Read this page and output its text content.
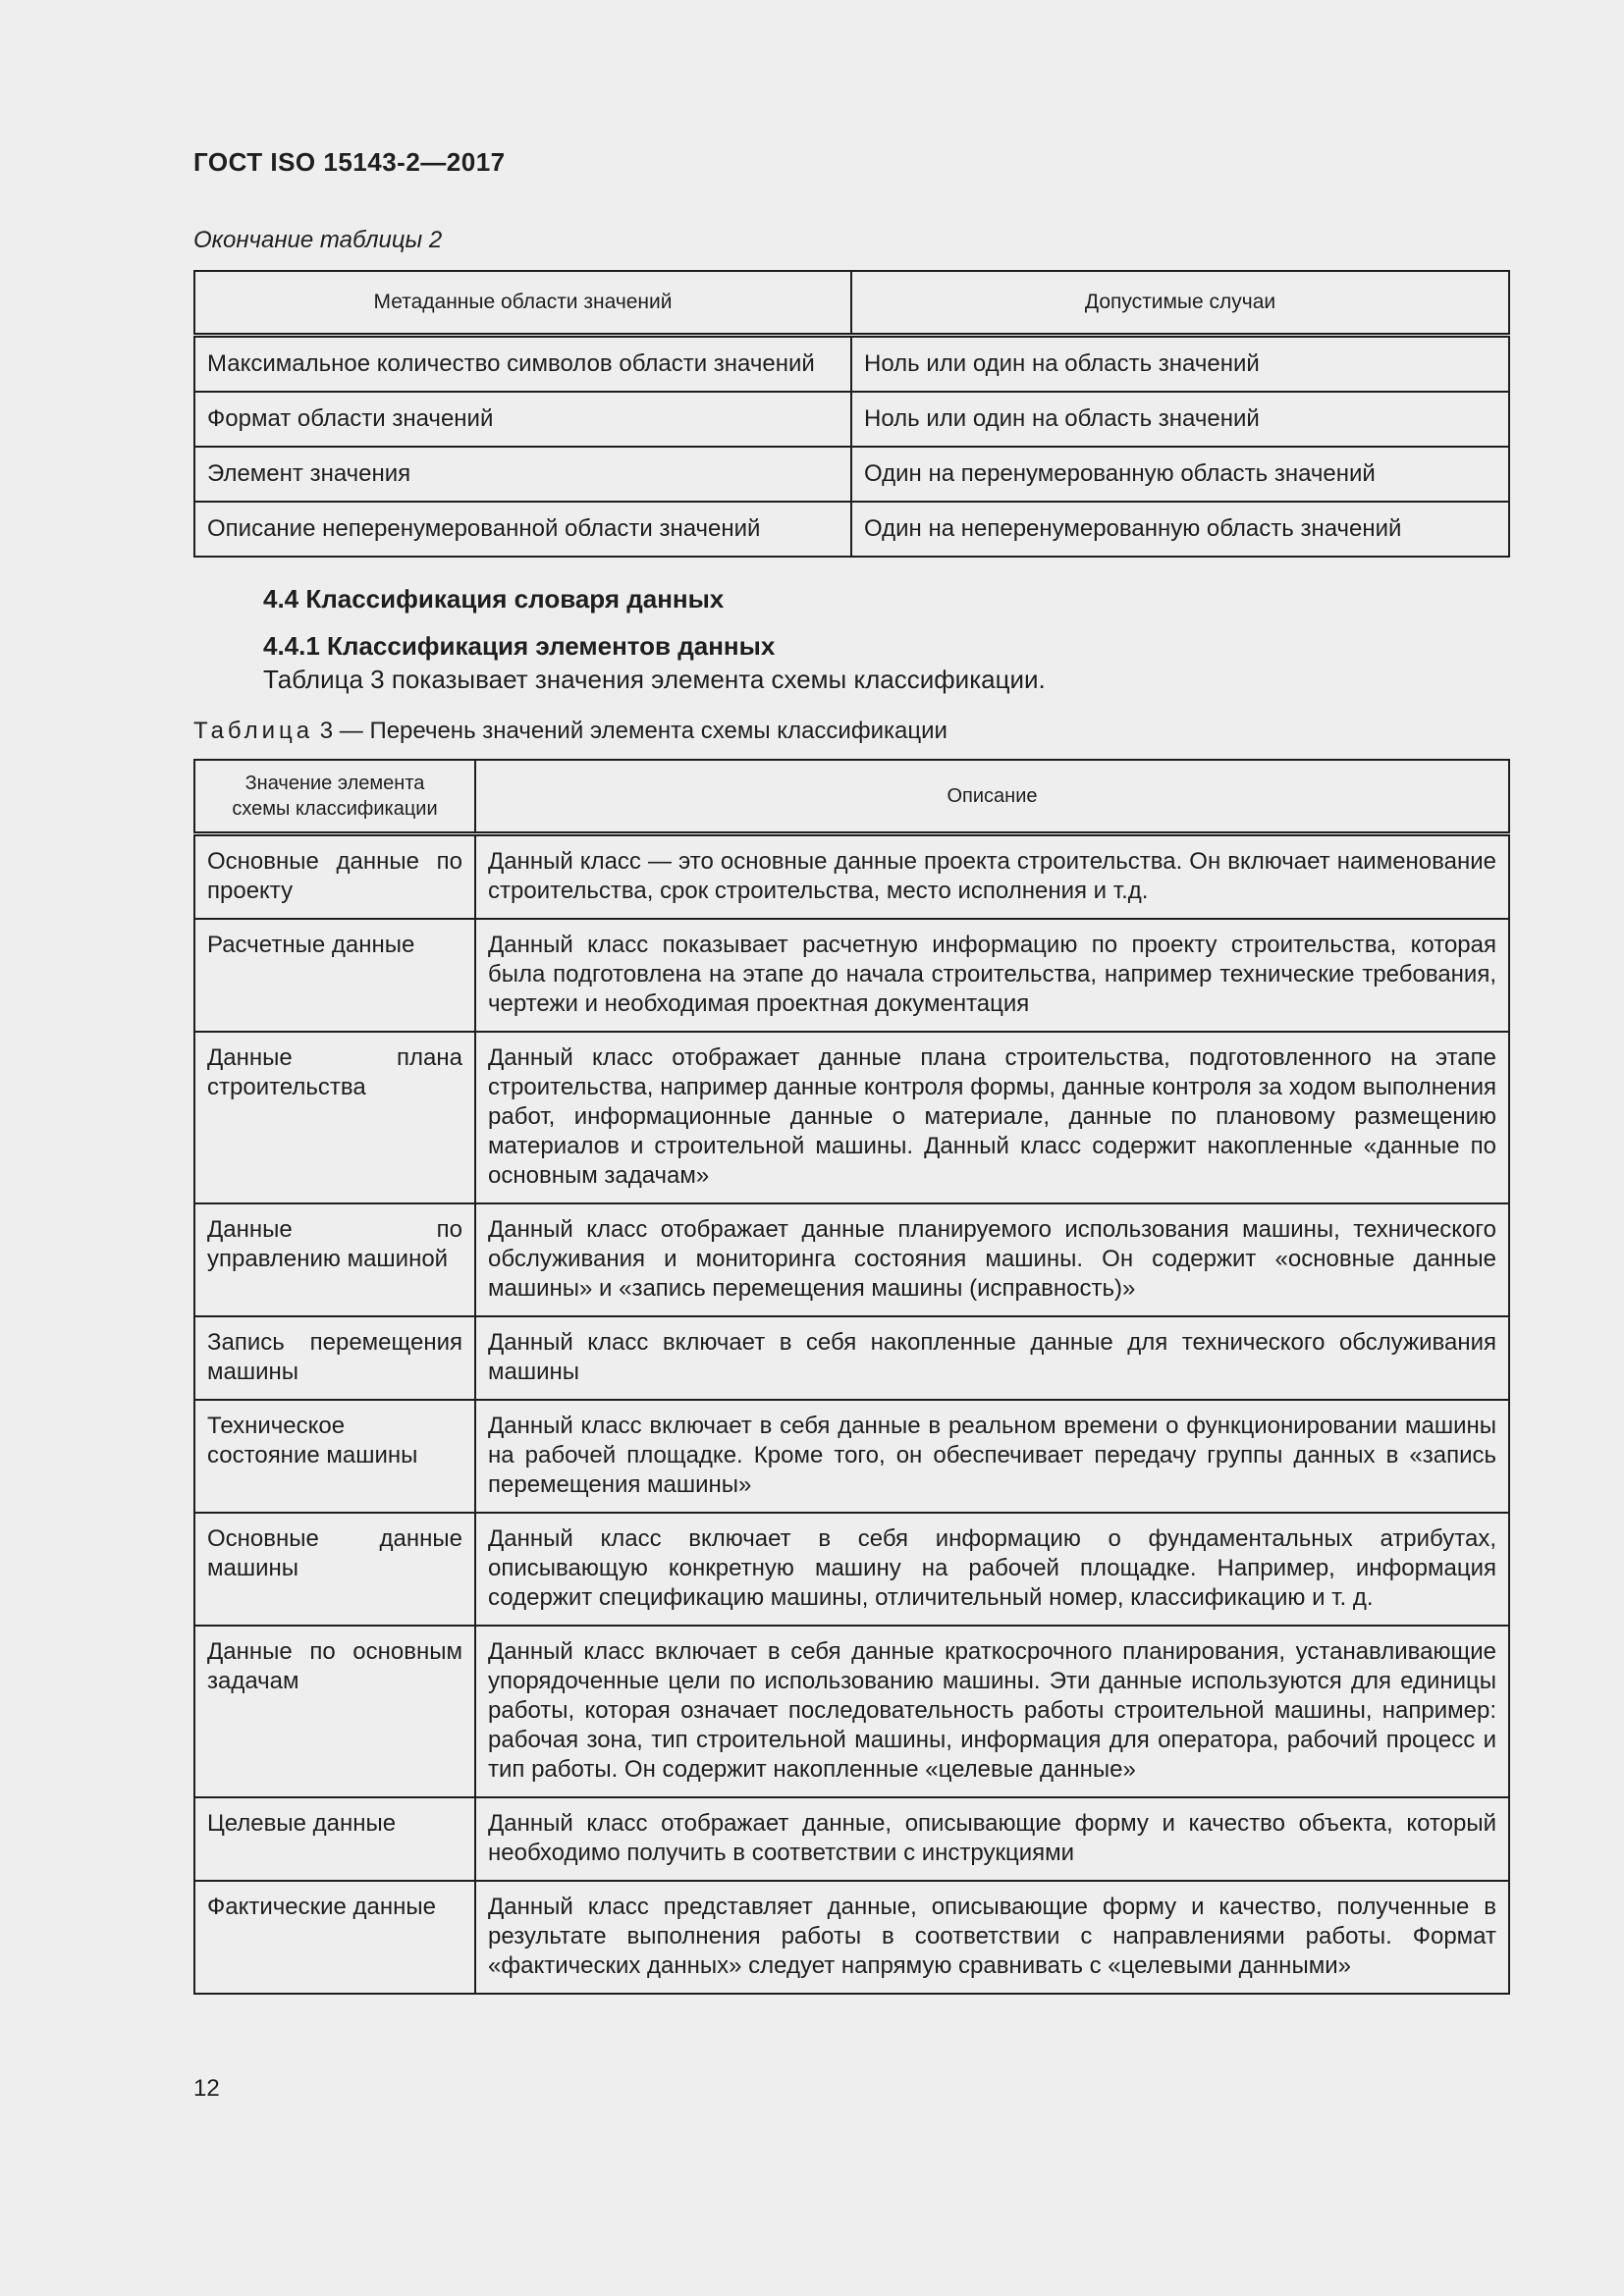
ГОСТ ISO 15143-2—2017
Окончание таблицы 2
Метаданные области значений	Допустимые случаи
Максимальное количество символов области значений	Ноль или один на область значений
Формат области значений	Ноль или один на область значений
Элемент значения	Один на перенумерованную область значений
Описание неперенумерованной области значений	Один на неперенумерованную область значений
4.4 Классификация словаря данных
4.4.1 Классификация элементов данных
Таблица 3 показывает значения элемента схемы классификации.
Таблица 3 — Перечень значений элемента схемы классификации
Значение элемента схемы классификации	Описание
Основные данные по проекту	Данный класс — это основные данные проекта строительства. Он включает наименование строительства, срок строительства, место исполнения и т.д.
Расчетные данные	Данный класс показывает расчетную информацию по проекту строительства, которая была подготовлена на этапе до начала строительства, например технические требования, чертежи и необходимая проектная документация
Данные плана строительства	Данный класс отображает данные плана строительства, подготовленного на этапе строительства, например данные контроля формы, данные контроля за ходом выполнения работ, информационные данные о материале, данные по плановому размещению материалов и строительной машины. Данный класс содержит накопленные «данные по основным задачам»
Данные по управлению машиной	Данный класс отображает данные планируемого использования машины, технического обслуживания и мониторинга состояния машины. Он содержит «основные данные машины» и «запись перемещения машины (исправность)»
Запись перемещения машины	Данный класс включает в себя накопленные данные для технического обслуживания машины
Техническое состояние машины	Данный класс включает в себя данные в реальном времени о функционировании машины на рабочей площадке. Кроме того, он обеспечивает передачу группы данных в «запись перемещения машины»
Основные данные машины	Данный класс включает в себя информацию о фундаментальных атрибутах, описывающую конкретную машину на рабочей площадке. Например, информация содержит спецификацию машины, отличительный номер, классификацию и т. д.
Данные по основным задачам	Данный класс включает в себя данные краткосрочного планирования, устанавливающие упорядоченные цели по использованию машины. Эти данные используются для единицы работы, которая означает последовательность работы строительной машины, например: рабочая зона, тип строительной машины, информация для оператора, рабочий процесс и тип работы. Он содержит накопленные «целевые данные»
Целевые данные	Данный класс отображает данные, описывающие форму и качество объекта, который необходимо получить в соответствии с инструкциями
Фактические данные	Данный класс представляет данные, описывающие форму и качество, полученные в результате выполнения работы в соответствии с направлениями работы. Формат «фактических данных» следует напрямую сравнивать с «целевыми данными»
12
